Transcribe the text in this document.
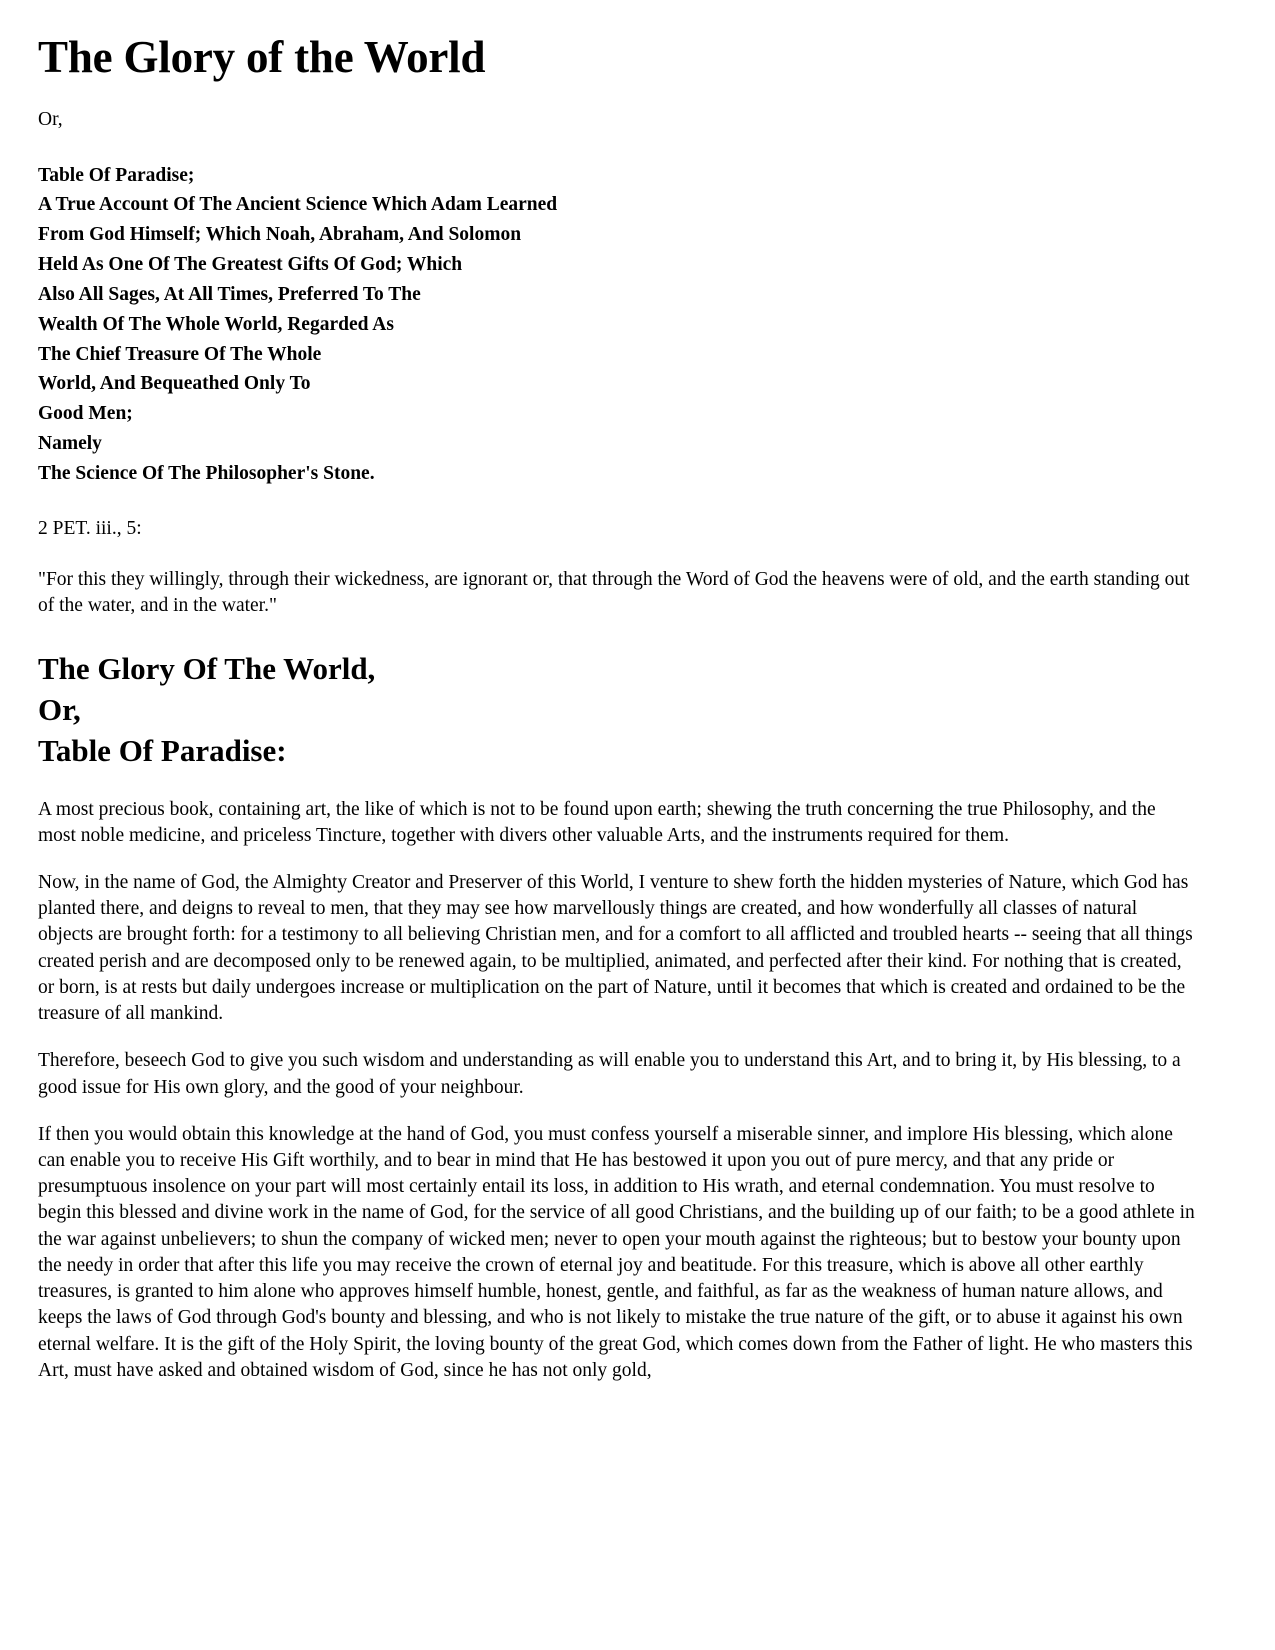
The Glory of the World

Or,

Table Of Paradise;
A True Account Of The Ancient Science Which Adam Learned
From God Himself; Which Noah, Abraham, And Solomon
Held As One Of The Greatest Gifts Of God; Which
Also All Sages, At All Times, Preferred To The
Wealth Of The Whole World, Regarded As
The Chief Treasure Of The Whole
World, And Bequeathed Only To
Good Men;
Namely
The Science Of The Philosopher's Stone.

2 PET. iii., 5:

"For this they willingly, through their wickedness, are ignorant or, that through the Word of God the heavens were of old, and the earth standing out of the water, and in the water."

The Glory Of The World,
Or,
Table Of Paradise:

A most precious book, containing art, the like of which is not to be found upon earth; shewing the truth concerning the true Philosophy, and the most noble medicine, and priceless Tincture, together with divers other valuable Arts, and the instruments required for them.

Now, in the name of God, the Almighty Creator and Preserver of this World, I venture to shew forth the hidden mysteries of Nature, which God has planted there, and deigns to reveal to men, that they may see how marvellously things are created, and how wonderfully all classes of natural objects are brought forth: for a testimony to all believing Christian men, and for a comfort to all afflicted and troubled hearts -- seeing that all things created perish and are decomposed only to be renewed again, to be multiplied, animated, and perfected after their kind. For nothing that is created, or born, is at rests but daily undergoes increase or multiplication on the part of Nature, until it becomes that which is created and ordained to be the treasure of all mankind.

Therefore, beseech God to give you such wisdom and understanding as will enable you to understand this Art, and to bring it, by His blessing, to a good issue for His own glory, and the good of your neighbour.

If then you would obtain this knowledge at the hand of God, you must confess yourself a miserable sinner, and implore His blessing, which alone can enable you to receive His Gift worthily, and to bear in mind that He has bestowed it upon you out of pure mercy, and that any pride or presumptuous insolence on your part will most certainly entail its loss, in addition to His wrath, and eternal condemnation. You must resolve to begin this blessed and divine work in the name of God, for the service of all good Christians, and the building up of our faith; to be a good athlete in the war against unbelievers; to shun the company of wicked men; never to open your mouth against the righteous; but to bestow your bounty upon the needy in order that after this life you may receive the crown of eternal joy and beatitude. For this treasure, which is above all other earthly treasures, is granted to him alone who approves himself humble, honest, gentle, and faithful, as far as the weakness of human nature allows, and keeps the laws of God through God's bounty and blessing, and who is not likely to mistake the true nature of the gift, or to abuse it against his own eternal welfare. It is the gift of the Holy Spirit, the loving bounty of the great God, which comes down from the Father of light. He who masters this Art, must have asked and obtained wisdom of God, since he has not only gold,
